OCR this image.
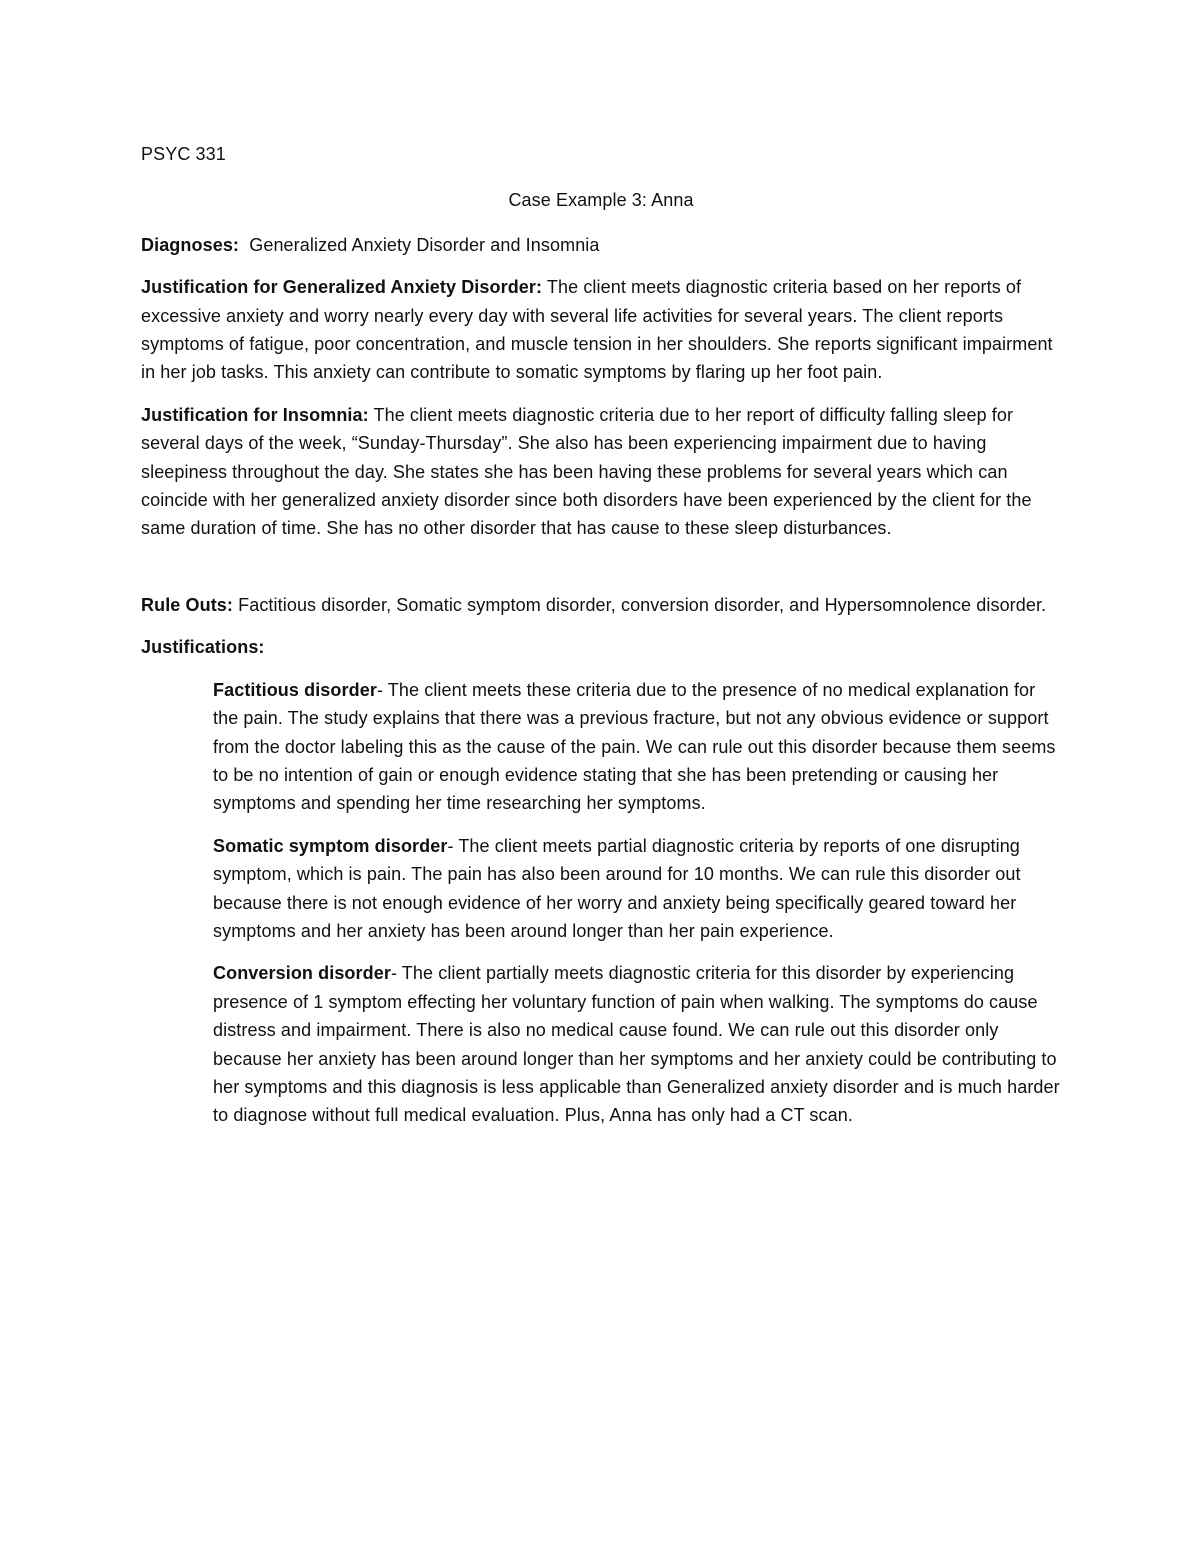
PSYC 331

Case Example 3: Anna

Diagnoses: Generalized Anxiety Disorder and Insomnia

Justification for Generalized Anxiety Disorder: The client meets diagnostic criteria based on her reports of excessive anxiety and worry nearly every day with several life activities for several years. The client reports symptoms of fatigue, poor concentration, and muscle tension in her shoulders. She reports significant impairment in her job tasks. This anxiety can contribute to somatic symptoms by flaring up her foot pain.

Justification for Insomnia: The client meets diagnostic criteria due to her report of difficulty falling sleep for several days of the week, “Sunday-Thursday”. She also has been experiencing impairment due to having sleepiness throughout the day. She states she has been having these problems for several years which can coincide with her generalized anxiety disorder since both disorders have been experienced by the client for the same duration of time. She has no other disorder that has cause to these sleep disturbances.

Rule Outs: Factitious disorder, Somatic symptom disorder, conversion disorder, and Hypersomnolence disorder.

Justifications:

Factitious disorder- The client meets these criteria due to the presence of no medical explanation for the pain. The study explains that there was a previous fracture, but not any obvious evidence or support from the doctor labeling this as the cause of the pain. We can rule out this disorder because them seems to be no intention of gain or enough evidence stating that she has been pretending or causing her symptoms and spending her time researching her symptoms.

Somatic symptom disorder- The client meets partial diagnostic criteria by reports of one disrupting symptom, which is pain. The pain has also been around for 10 months. We can rule this disorder out because there is not enough evidence of her worry and anxiety being specifically geared toward her symptoms and her anxiety has been around longer than her pain experience.

Conversion disorder- The client partially meets diagnostic criteria for this disorder by experiencing presence of 1 symptom effecting her voluntary function of pain when walking. The symptoms do cause distress and impairment. There is also no medical cause found. We can rule out this disorder only because her anxiety has been around longer than her symptoms and her anxiety could be contributing to her symptoms and this diagnosis is less applicable than Generalized anxiety disorder and is much harder to diagnose without full medical evaluation. Plus, Anna has only had a CT scan.
